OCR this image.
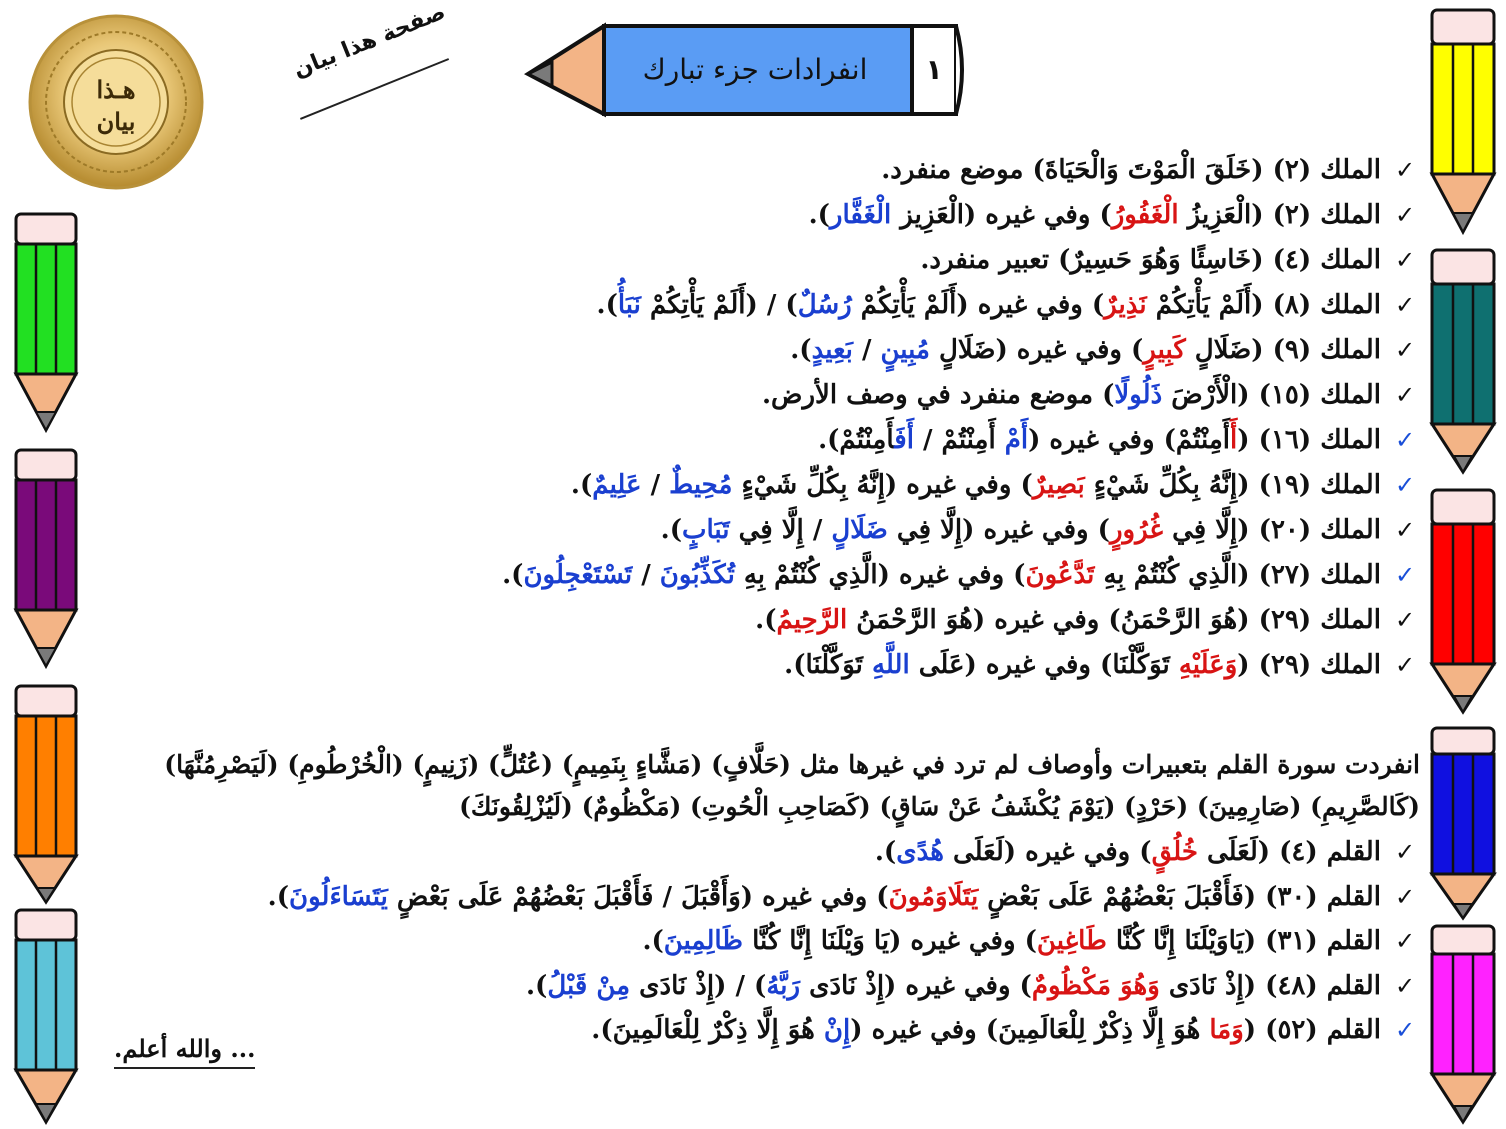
انفرادات جزء تبارك	١
هـذا
بيان
صفحة هذا بيان
✓ الملك (٢) (خَلَقَ الْمَوْتَ وَالْحَيَاةَ) موضع منفرد.
✓ الملك (٢) (الْعَزِيزُ الْغَفُورُ) وفي غيره (الْعَزِيز الْغَفَّار).
✓ الملك (٤) (خَاسِئًا وَهُوَ حَسِيرٌ) تعبير منفرد.
✓ الملك (٨) (أَلَمْ يَأْتِكُمْ نَذِيرٌ) وفي غيره (أَلَمْ يَأْتِكُمْ رُسُلٌ) / (أَلَمْ يَأْتِكُمْ نَبَأُ).
✓ الملك (٩) (ضَلَالٍ كَبِيرٍ) وفي غيره (ضَلَالٍ مُبِينٍ / بَعِيدٍ).
✓ الملك (١٥) (الْأَرْضَ ذَلُولًا) موضع منفرد في وصف الأرض.
✓ الملك (١٦) (أَأَمِنْتُمْ) وفي غيره (أَمْ أَمِنْتُمْ / أَفَأَمِنْتُمْ).
✓ الملك (١٩) (إِنَّهُ بِكُلِّ شَيْءٍ بَصِيرٌ) وفي غيره (إِنَّهُ بِكُلِّ شَيْءٍ مُحِيطٌ / عَلِيمٌ).
✓ الملك (٢٠) (إِلَّا فِي غُرُورٍ) وفي غيره (إِلَّا فِي ضَلَالٍ / إِلَّا فِي تَبَابٍ).
✓ الملك (٢٧) (الَّذِي كُنْتُمْ بِهِ تَدَّعُونَ) وفي غيره (الَّذِي كُنْتُمْ بِهِ تُكَذِّبُونَ / تَسْتَعْجِلُونَ).
✓ الملك (٢٩) (هُوَ الرَّحْمَنُ) وفي غيره (هُوَ الرَّحْمَنُ الرَّحِيمُ).
✓ الملك (٢٩) (وَعَلَيْهِ تَوَكَّلْنَا) وفي غيره (عَلَى اللَّهِ تَوَكَّلْنَا).
انفردت سورة القلم بتعبيرات وأوصاف لم ترد في غيرها مثل (حَلَّافٍ) (مَشَّاءٍ بِنَمِيمٍ) (عُتُلٍّ) (زَنِيمٍ) (الْخُرْطُومِ) (لَيَصْرِمُنَّهَا) (كَالصَّرِيمِ) (صَارِمِينَ) (حَرْدٍ) (يَوْمَ يُكْشَفُ عَنْ سَاقٍ) (كَصَاحِبِ الْحُوتِ) (مَكْظُومٌ) (لَيُزْلِقُونَكَ)
✓ القلم (٤) (لَعَلَى خُلُقٍ) وفي غيره (لَعَلَى هُدًى).
✓ القلم (٣٠) (فَأَقْبَلَ بَعْضُهُمْ عَلَى بَعْضٍ يَتَلَاوَمُونَ) وفي غيره (وَأَقْبَلَ / فَأَقْبَلَ بَعْضُهُمْ عَلَى بَعْضٍ يَتَسَاءَلُونَ).
✓ القلم (٣١) (يَاوَيْلَنَا إِنَّا كُنَّا طَاغِينَ) وفي غيره (يَا وَيْلَنَا إِنَّا كُنَّا ظَالِمِينَ).
✓ القلم (٤٨) (إِذْ نَادَى وَهُوَ مَكْظُومٌ) وفي غيره (إِذْ نَادَى رَبَّهُ) / (إِذْ نَادَى مِنْ قَبْلُ).
✓ القلم (٥٢) (وَمَا هُوَ إِلَّا ذِكْرٌ لِلْعَالَمِينَ) وفي غيره (إِنْ هُوَ إِلَّا ذِكْرٌ لِلْعَالَمِينَ).
... والله أعلم.
